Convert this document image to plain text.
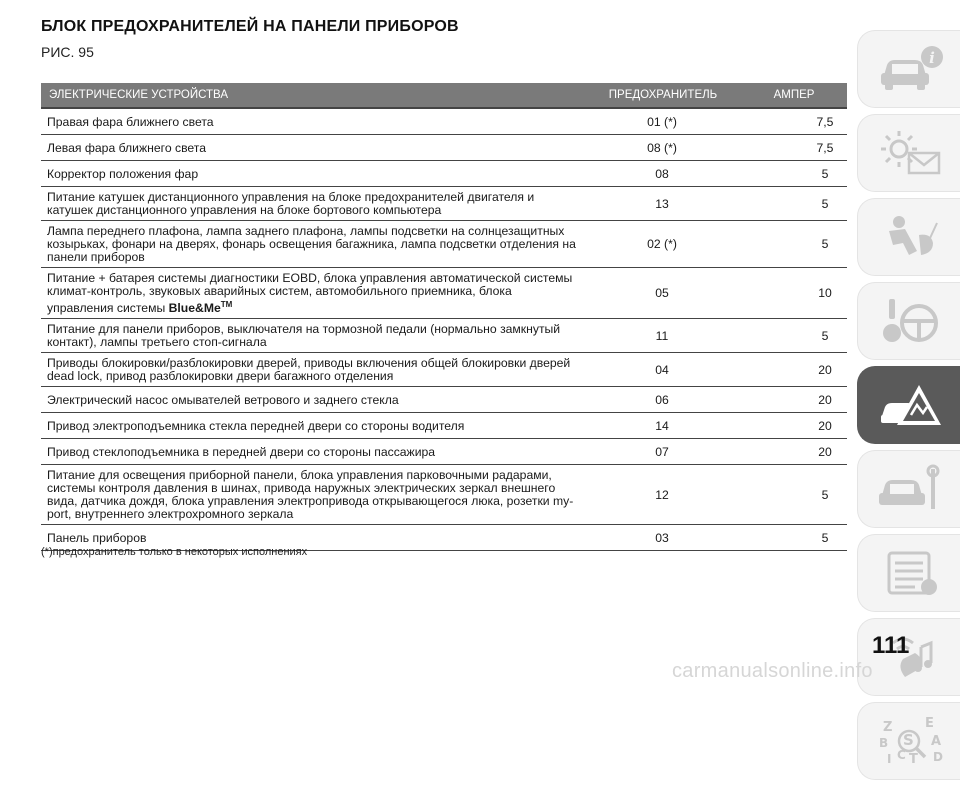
БЛОК ПРЕДОХРАНИТЕЛЕЙ НА ПАНЕЛИ ПРИБОРОВ
РИС. 95
ЭЛЕКТРИЧЕСКИЕ УСТРОЙСТВА	ПРЕДОХРАНИТЕЛЬ	АМПЕР
Правая фара ближнего света	01 (*)	7,5
Левая фара ближнего света	08 (*)	7,5
Корректор положения фар	08	5
Питание катушек дистанционного управления на блоке предохранителей двигателя и катушек дистанционного управления на блоке бортового компьютера	13	5
Лампа переднего плафона, лампа заднего плафона, лампы подсветки на солнцезащитных козырьках, фонари на дверях, фонарь освещения багажника, лампа подсветки отделения на панели приборов	02 (*)	5
Питание + батарея системы диагностики EOBD, блока управления автоматической системы климат-контроль, звуковых аварийных систем, автомобильного приемника, блока управления системы Blue&Me™	05	10
Питание для панели приборов, выключателя на тормозной педали (нормально замкнутый контакт), лампы третьего стоп-сигнала	11	5
Приводы блокировки/разблокировки дверей, приводы включения общей блокировки дверей dead lock, привод разблокировки двери багажного отделения	04	20
Электрический насос омывателей ветрового и заднего стекла	06	20
Привод электроподъемника стекла передней двери со стороны водителя	14	20
Привод стеклоподъемника в передней двери со стороны пассажира	07	20
Питание для освещения приборной панели, блока управления парковочными радарами, системы контроля давления в шинах, привода наружных электрических зеркал внешнего вида, датчика дождя, блока управления электропривода открывающегося люка, розетки my-port, внутреннего электрохромного зеркала	12	5
Панель приборов	03	5
(*)предохранитель только в некоторых исполнениях
i
Z	E
B S A
C T D
I
111
carmanualsonline.info
